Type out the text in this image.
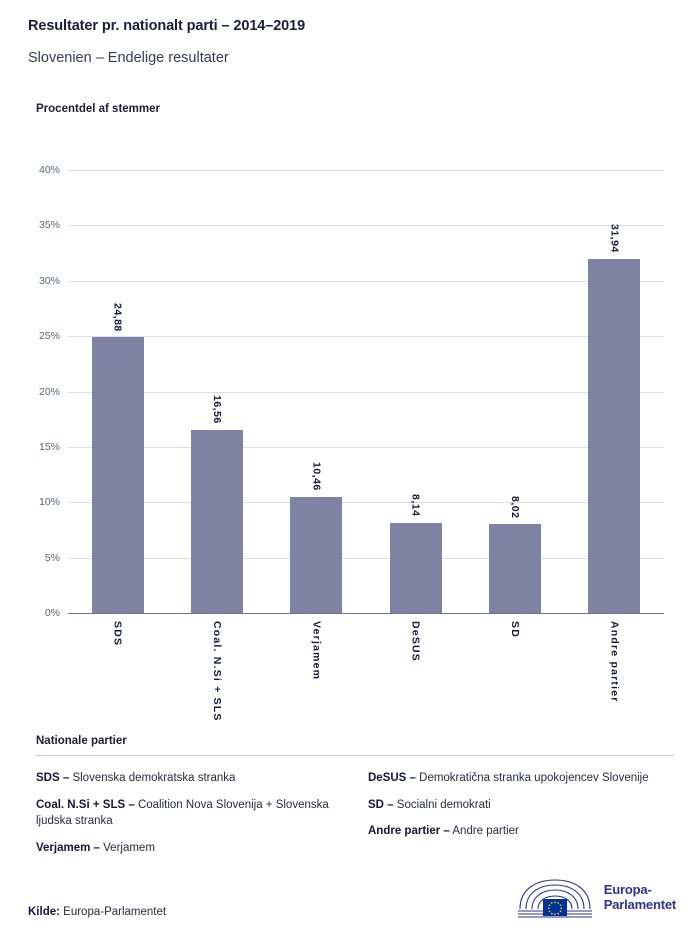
Resultater pr. nationalt parti – 2014–2019
Slovenien – Endelige resultater
Procentdel af stemmer
0%
5%
10%
15%
20%
25%
30%
35%
40%
24,88
SDS
16,56
Coal. N.Si + SLS
10,46
Verjamem
8,14
DeSUS
8,02
SD
31,94
Andre partier
Nationale partier
SDS – Slovenska demokratska stranka
Coal. N.Si + SLS – Coalition Nova Slovenija + Slovenska ljudska stranka
Verjamem – Verjamem
DeSUS – Demokratična stranka upokojencev Slovenije
SD – Socialni demokrati
Andre partier – Andre partier
Kilde: Europa-Parlamentet
Europa-
Parlamentet
